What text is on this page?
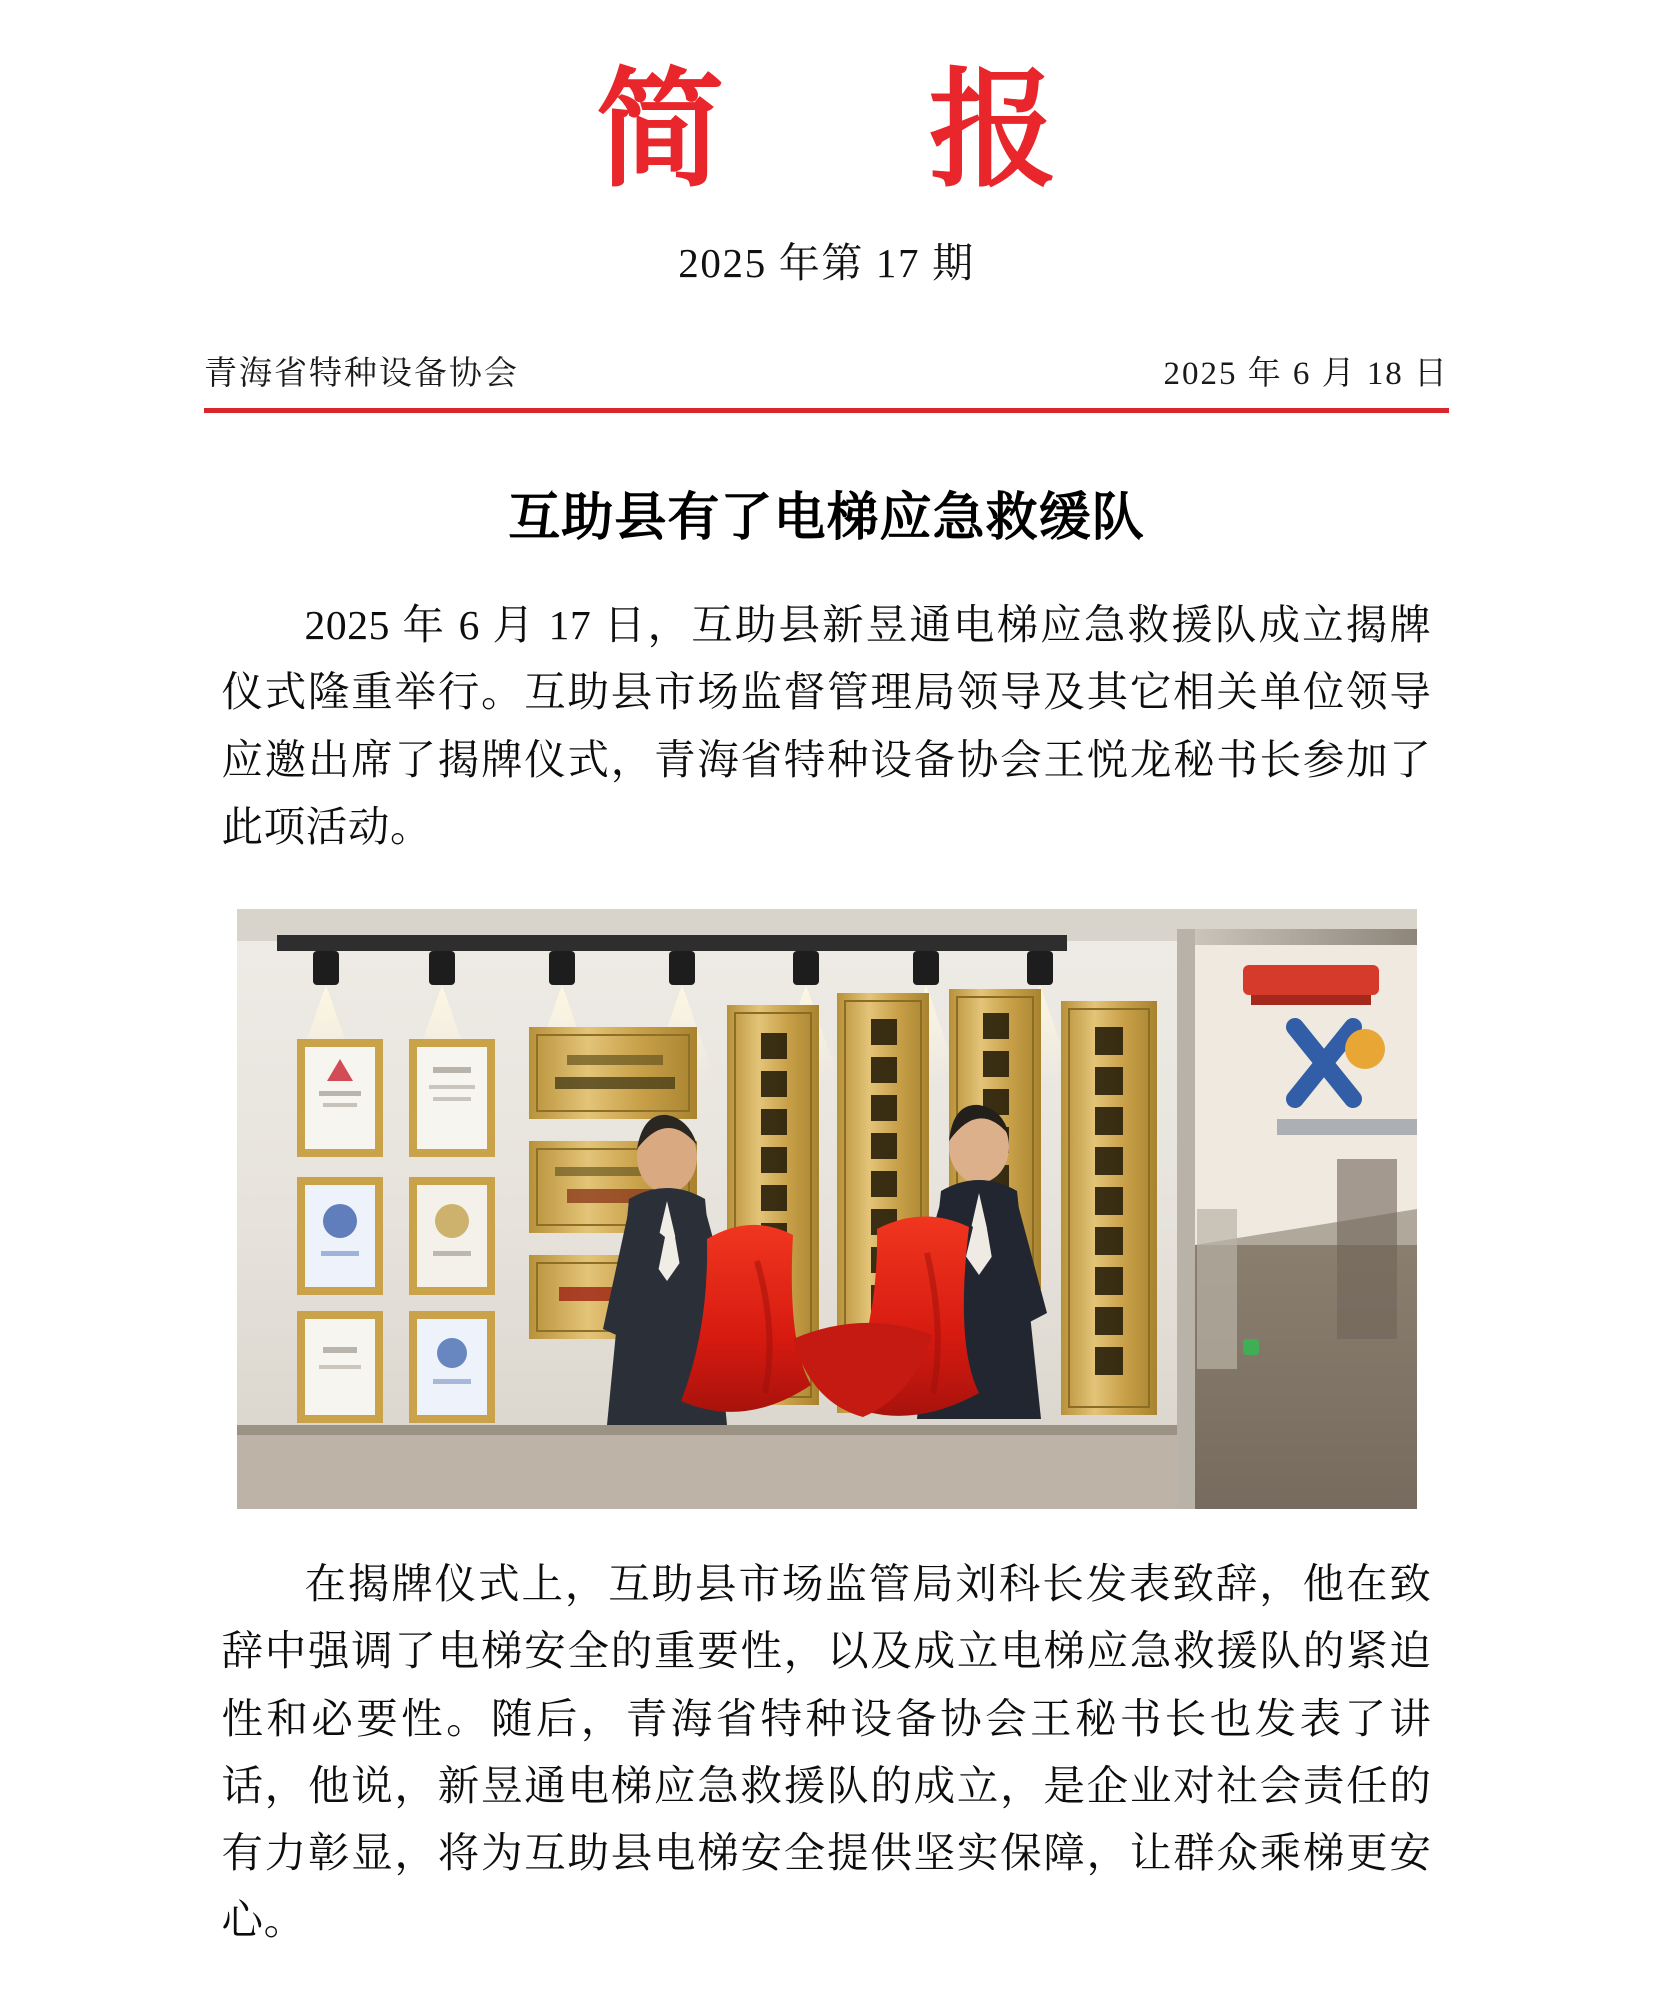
简　报
2025 年第 17 期
青海省特种设备协会	2025 年 6 月 18 日
互助县有了电梯应急救缓队

2025 年 6 月 17 日，互助县新昱通电梯应急救援队成立揭牌仪式隆重举行。互助县市场监督管理局领导及其它相关单位领导应邀出席了揭牌仪式，青海省特种设备协会王悦龙秘书长参加了此项活动。

在揭牌仪式上，互助县市场监管局刘科长发表致辞，他在致辞中强调了电梯安全的重要性，以及成立电梯应急救援队的紧迫性和必要性。随后，青海省特种设备协会王秘书长也发表了讲话，他说，新昱通电梯应急救援队的成立，是企业对社会责任的有力彰显，将为互助县电梯安全提供坚实保障，让群众乘梯更安心。
